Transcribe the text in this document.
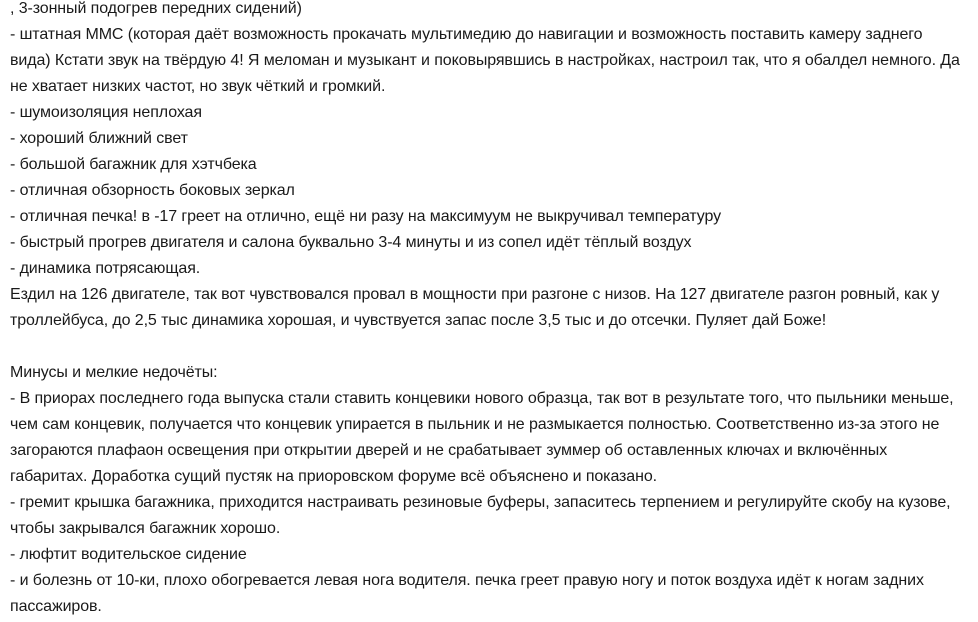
, 3-зонный подогрев передних сидений)
- штатная ММС (которая даёт возможность прокачать мультимедию до навигации и возможность поставить камеру заднего
вида) Кстати звук на твёрдую 4! Я меломан и музыкант и поковырявшись в настройках, настроил так, что я обалдел немного. Да
не хватает низких частот, но звук чёткий и громкий.
- шумоизоляция неплохая
- хороший ближний свет
- большой багажник для хэтчбека
- отличная обзорность боковых зеркал
- отличная печка! в -17 греет на отлично, ещё ни разу на максимуум не выкручивал температуру
- быстрый прогрев двигателя и салона буквально 3-4 минуты и из сопел идёт тёплый воздух
- динамика потрясающая.
Ездил на 126 двигателе, так вот чувствовался провал в мощности при разгоне с низов. На 127 двигателе разгон ровный, как у
троллейбуса, до 2,5 тыс динамика хорошая, и чувствуется запас после 3,5 тыс и до отсечки. Пуляет дай Боже!
Минусы и мелкие недочёты:
- В приорах последнего года выпуска стали ставить концевики нового образца, так вот в результате того, что пыльники меньше,
чем сам концевик, получается что концевик упирается в пыльник и не размыкается полностью. Соответственно из-за этого не
загораются плафаон освещения при открытии дверей и не срабатывает зуммер об оставленных ключах и включённых
габаритах. Доработка сущий пустяк на приоровском форуме всё объяснено и показано.
- гремит крышка багажника, приходится настраивать резиновые буферы, запаситесь терпением и регулируйте скобу на кузове,
чтобы закрывался багажник хорошо.
- люфтит водительское сидение
- и болезнь от 10-ки, плохо обогревается левая нога водителя. печка греет правую ногу и поток воздуха идёт к ногам задних
пассажиров.
